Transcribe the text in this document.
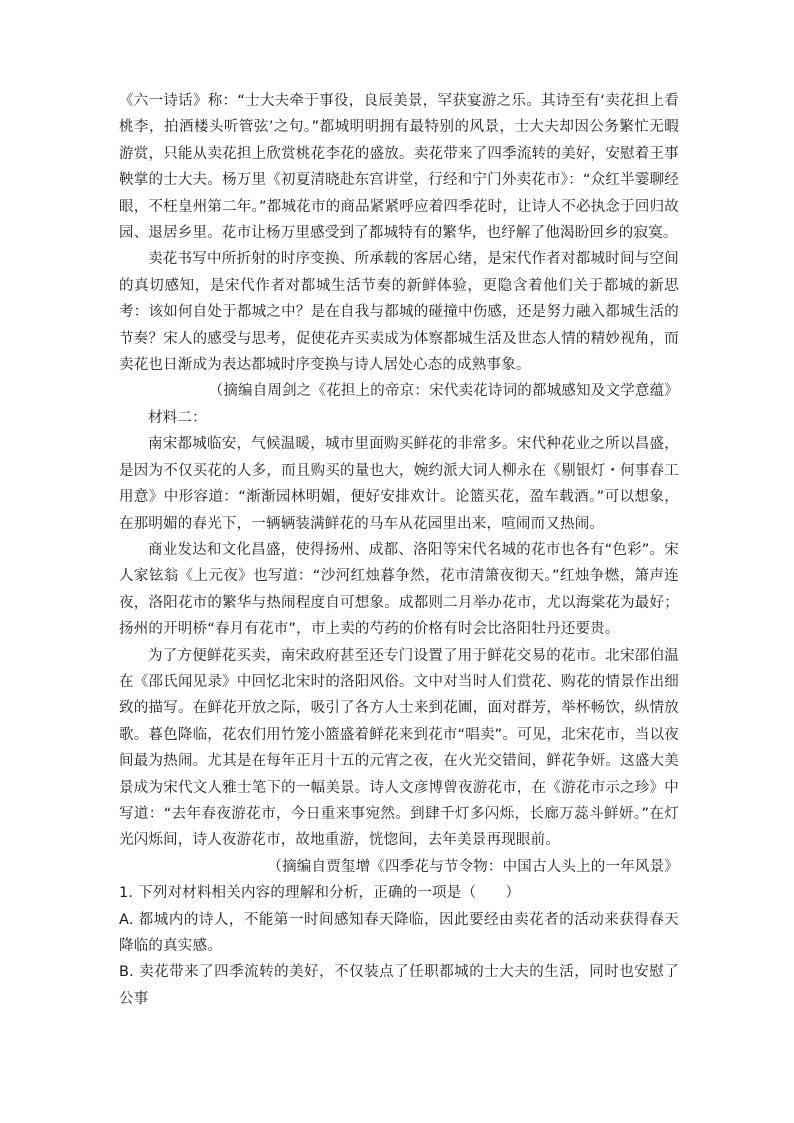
《六一诗话》称：“士大夫牵于事役，良辰美景，罕获宴游之乐。其诗至有‘卖花担上看桃李，拍酒楼头听管弦’之句。”都城明明拥有最特别的风景，士大夫却因公务繁忙无暇游赏，只能从卖花担上欣赏桃花李花的盛放。卖花带来了四季流转的美好，安慰着王事鞅掌的士大夫。杨万里《初夏清晓赴东宫讲堂，行经和宁门外卖花市》：“众红半霎聊经眼，不枉皇州第二年。”都城花市的商品紧紧呼应着四季花时，让诗人不必执念于回归故园、退居乡里。花市让杨万里感受到了都城特有的繁华，也纾解了他渴盼回乡的寂寞。

卖花书写中所折射的时序变换、所承载的客居心绪，是宋代作者对都城时间与空间的真切感知，是宋代作者对都城生活节奏的新鲜体验，更隐含着他们关于都城的新思考：该如何自处于都城之中？是在自我与都城的碰撞中伤感，还是努力融入都城生活的节奏？宋人的感受与思考，促使花卉买卖成为体察都城生活及世态人情的精妙视角，而卖花也日渐成为表达都城时序变换与诗人居处心态的成熟事象。

（摘编自周剑之《花担上的帝京：宋代卖花诗词的都城感知及文学意蕴》

材料二：

南宋都城临安，气候温暖，城市里面购买鲜花的非常多。宋代种花业之所以昌盛，是因为不仅买花的人多，而且购买的量也大，婉约派大词人柳永在《剔银灯・何事春工用意》中形容道：“渐渐园林明媚，便好安排欢计。论篮买花，盈车载酒。”可以想象，在那明媚的春光下，一辆辆装满鲜花的马车从花园里出来，喧闹而又热闹。

商业发达和文化昌盛，使得扬州、成都、洛阳等宋代名城的花市也各有“色彩”。宋人家铉翁《上元夜》也写道：“沙河红烛暮争然，花市清箫夜彻天。”红烛争燃，箫声连夜，洛阳花市的繁华与热闹程度自可想象。成都则二月举办花市，尤以海棠花为最好；扬州的开明桥“春月有花市”，市上卖的芍药的价格有时会比洛阳牡丹还要贵。

为了方便鲜花买卖，南宋政府甚至还专门设置了用于鲜花交易的花市。北宋邵伯温在《邵氏闻见录》中回忆北宋时的洛阳风俗。文中对当时人们赏花、购花的情景作出细致的描写。在鲜花开放之际，吸引了各方人士来到花圃，面对群芳，举杯畅饮，纵情放歌。暮色降临，花农们用竹笼小篮盛着鲜花来到花市“唱卖”。可见，北宋花市，当以夜间最为热闹。尤其是在每年正月十五的元宵之夜，在火光交错间，鲜花争妍。这盛大美景成为宋代文人雅士笔下的一幅美景。诗人文彦博曾夜游花市，在《游花市示之珍》中写道：“去年春夜游花市，今日重来事宛然。到肆千灯多闪烁，长廊万蕊斗鲜妍。”在灯光闪烁间，诗人夜游花市，故地重游，恍惚间，去年美景再现眼前。

（摘编自贾玺增《四季花与节令物：中国古人头上的一年风景》

1. 下列对材料相关内容的理解和分析，正确的一项是（　　）

A. 都城内的诗人，不能第一时间感知春天降临，因此要经由卖花者的活动来获得春天降临的真实感。

B. 卖花带来了四季流转的美好，不仅装点了任职都城的士大夫的生活，同时也安慰了公事
